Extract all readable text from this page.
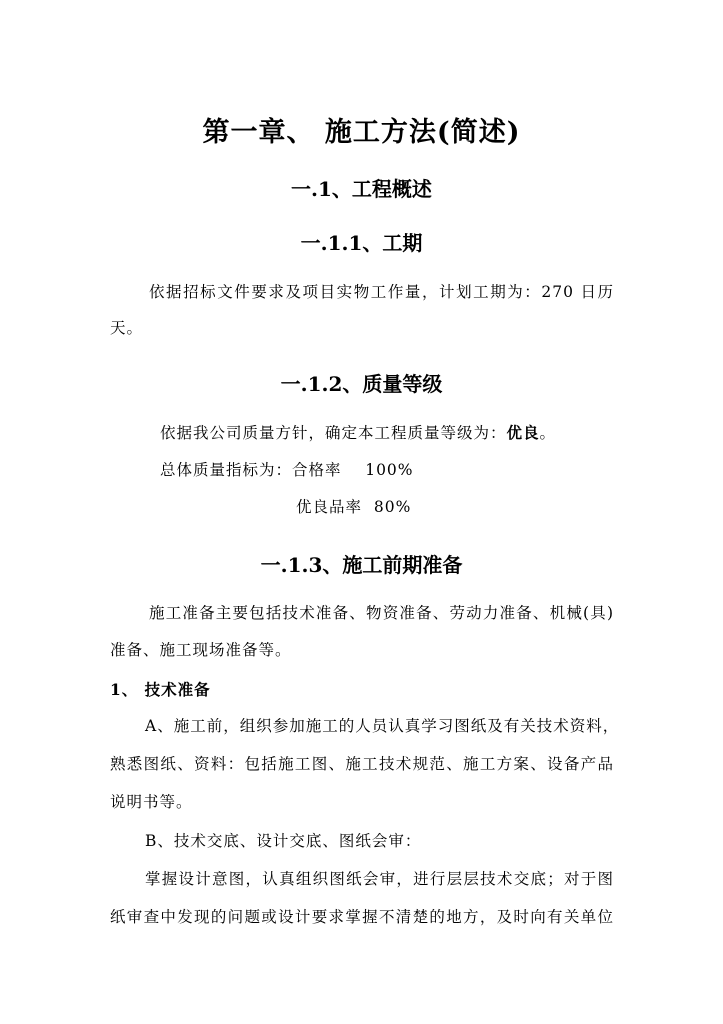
第一章、 施工方法(简述)
一.1、工程概述
一.1.1、工期
依据招标文件要求及项目实物工作量，计划工期为：270 日历
天。
一.1.2、质量等级
依据我公司质量方针，确定本工程质量等级为：优良。
总体质量指标为：合格率    100%
优良品率  80%
一.1.3、施工前期准备
施工准备主要包括技术准备、物资准备、劳动力准备、机械(具)
准备、施工现场准备等。
1、 技术准备
A、施工前，组织参加施工的人员认真学习图纸及有关技术资料，
熟悉图纸、资料：包括施工图、施工技术规范、施工方案、设备产品
说明书等。
B、技术交底、设计交底、图纸会审：
掌握设计意图，认真组织图纸会审，进行层层技术交底；对于图
纸审查中发现的问题或设计要求掌握不清楚的地方，及时向有关单位
